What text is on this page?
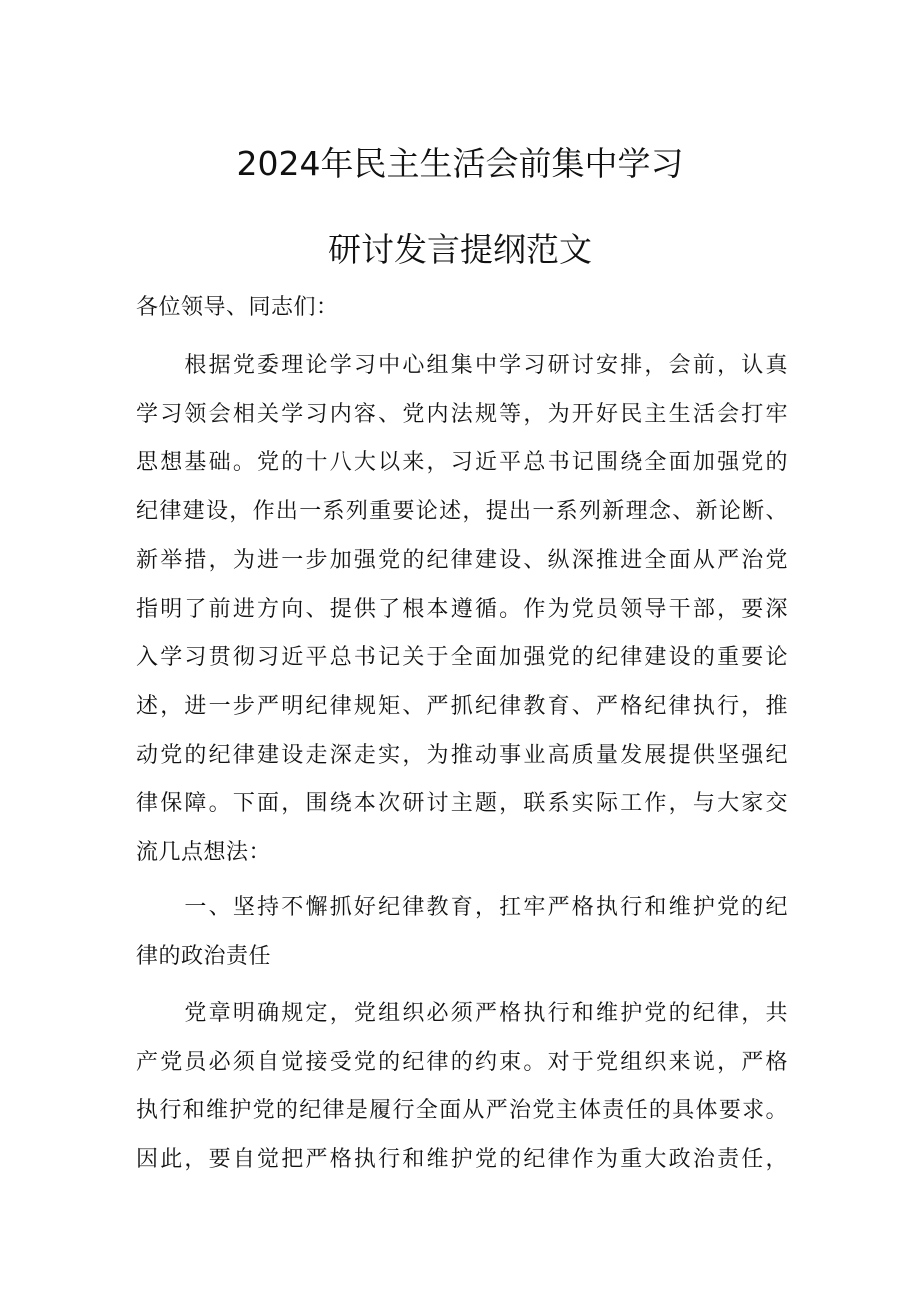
2024年民主生活会前集中学习
研讨发言提纲范文

各位领导、同志们：

　　根据党委理论学习中心组集中学习研讨安排，会前，认真
学习领会相关学习内容、党内法规等，为开好民主生活会打牢
思想基础。党的十八大以来，习近平总书记围绕全面加强党的
纪律建设，作出一系列重要论述，提出一系列新理念、新论断、
新举措，为进一步加强党的纪律建设、纵深推进全面从严治党
指明了前进方向、提供了根本遵循。作为党员领导干部，要深
入学习贯彻习近平总书记关于全面加强党的纪律建设的重要论
述，进一步严明纪律规矩、严抓纪律教育、严格纪律执行，推
动党的纪律建设走深走实，为推动事业高质量发展提供坚强纪
律保障。下面，围绕本次研讨主题，联系实际工作，与大家交
流几点想法：

　　一、坚持不懈抓好纪律教育，扛牢严格执行和维护党的纪
律的政治责任

　　党章明确规定，党组织必须严格执行和维护党的纪律，共
产党员必须自觉接受党的纪律的约束。对于党组织来说，严格
执行和维护党的纪律是履行全面从严治党主体责任的具体要求。
因此，要自觉把严格执行和维护党的纪律作为重大政治责任，
